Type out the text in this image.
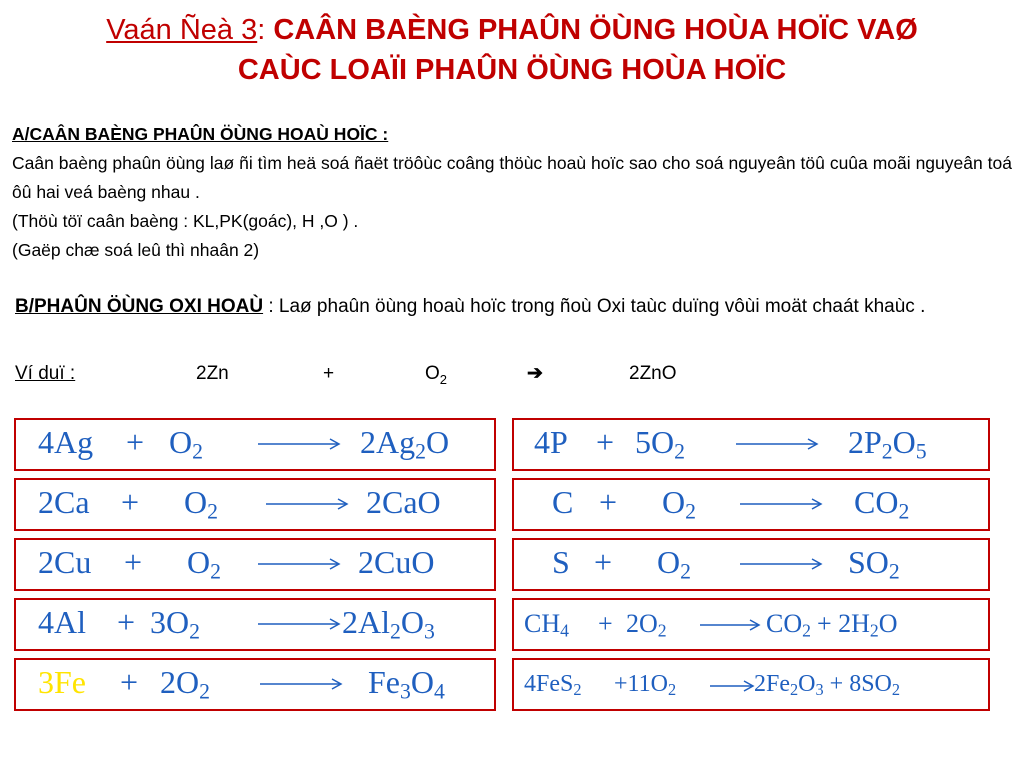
Vaán Ñeà 3: CAÂN BAÈNG PHAÛN ÖÙNG HOÙA HOÏC VAØ
CAÙC LOAÏI PHAÛN ÖÙNG HOÙA HOÏC
A/CAÂN BAÈNG PHAÛN ÖÙNG HOAÙ HOÏC :
Caân baèng phaûn öùng laø ñi tìm heä soá ñaët tröôùc coâng thöùc hoaù hoïc sao cho soá nguyeân töû cuûa moãi nguyeân toá ôû hai veá baèng nhau .
(Thöù töï caân baèng : KL,PK(goác), H ,O ) .
(Gaëp chæ soá leû thì nhaân 2)
B/PHAÛN ÖÙNG OXI HOAÙ : Laø phaûn öùng hoaù hoïc trong ñoù Oxi taùc duïng vôùi moät chaát khaùc .
Ví duï :	2Zn	+	$O_2$	➔	2ZnO
$4Ag + O_2$	$2Ag_2O$
$2Ca + O_2$	2CaO
$2Cu + O_2$	2CuO
$4Al + 3O_2$	$2Al_2O_3$
$3Fe + 2O_2$	$Fe_3O_4$
$4P + 5O_2$	$2P_2O_5$
$C + O_2$	$CO_2$
$S + O_2$	$SO_2$
$CH_4 + 2O_2 \to CO_2 + 2H_2O$
$4FeS_2 +11O_2$	$2Fe_2O_3 + 8SO_2$
